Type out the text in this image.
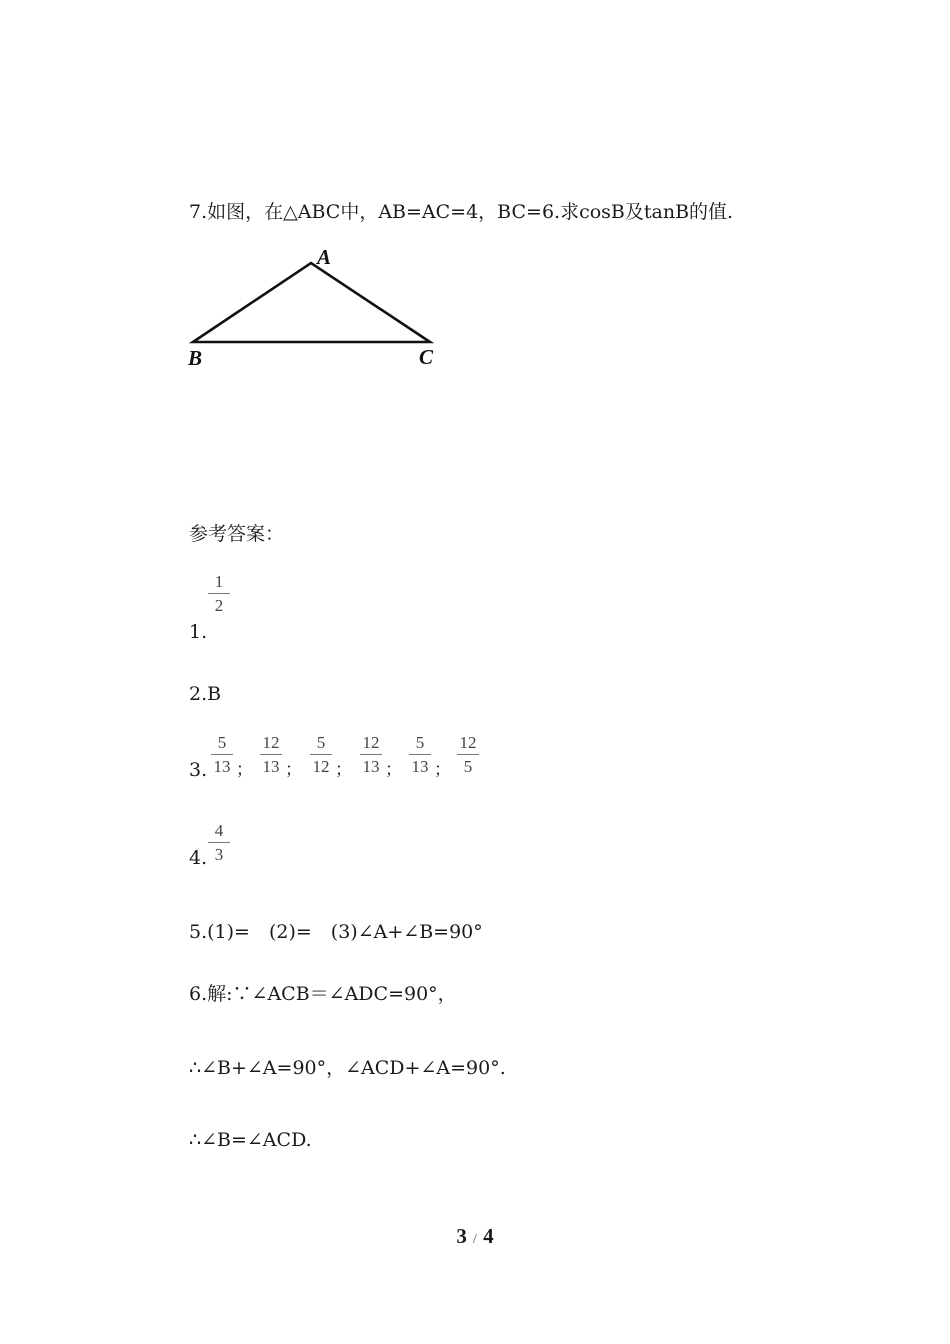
7.如图，在△ABC中，AB=AC=4，BC=6.求cosB及tanB的值.
A
B	C
参考答案：
1
2
1.
2.B
3.
5
13 ；
12
13 ；
5
12 ；
12
13 ；
5
13 ；
12
5
4
3
4.
5.(1)=　(2)=　(3)∠A+∠B=90°
6.解:∵∠ACB＝∠ADC=90°，
∴∠B+∠A=90°，∠ACD+∠A=90°.
∴∠B=∠ACD.
3 / 4
